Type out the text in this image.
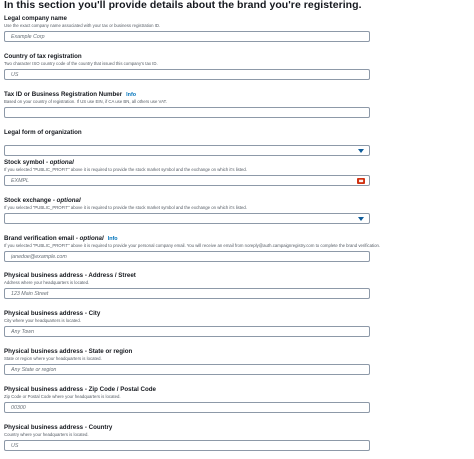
In this section you'll provide details about the brand you're registering.
Legal company name
Use the exact company name associated with your tax or business registration ID.
Example Corp
Country of tax registration
Two character ISO country code of the country that issued this company's tax ID.
US
Tax ID or Business Registration Number Info
Based on your country of registration. If US use EIN, if CA use BN, all others use VAT.
Legal form of organization
Stock symbol - optional
If you selected "PUBLIC_PROFIT" above it is required to provide the stock market symbol and the exchange on which it's listed.
EXMPL
⌨
Stock exchange - optional
If you selected "PUBLIC_PROFIT" above it is required to provide the stock market symbol and the exchange on which it's listed.
Brand verification email - optional Info
If you selected "PUBLIC_PROFIT" above it is required to provide your personal company email. You will receive an email from noreply@auth.campaignregistry.com to complete the brand verification.
janedoe@example.com
Physical business address - Address / Street
Address where your headquarters is located.
123 Main Street
Physical business address - City
City where your headquarters is located.
Any Town
Physical business address - State or region
State or region where your headquarters is located.
Any State or region
Physical business address - Zip Code / Postal Code
Zip Code or Postal Code where your headquarters is located.
00300
Physical business address - Country
Country where your headquarters is located.
US
